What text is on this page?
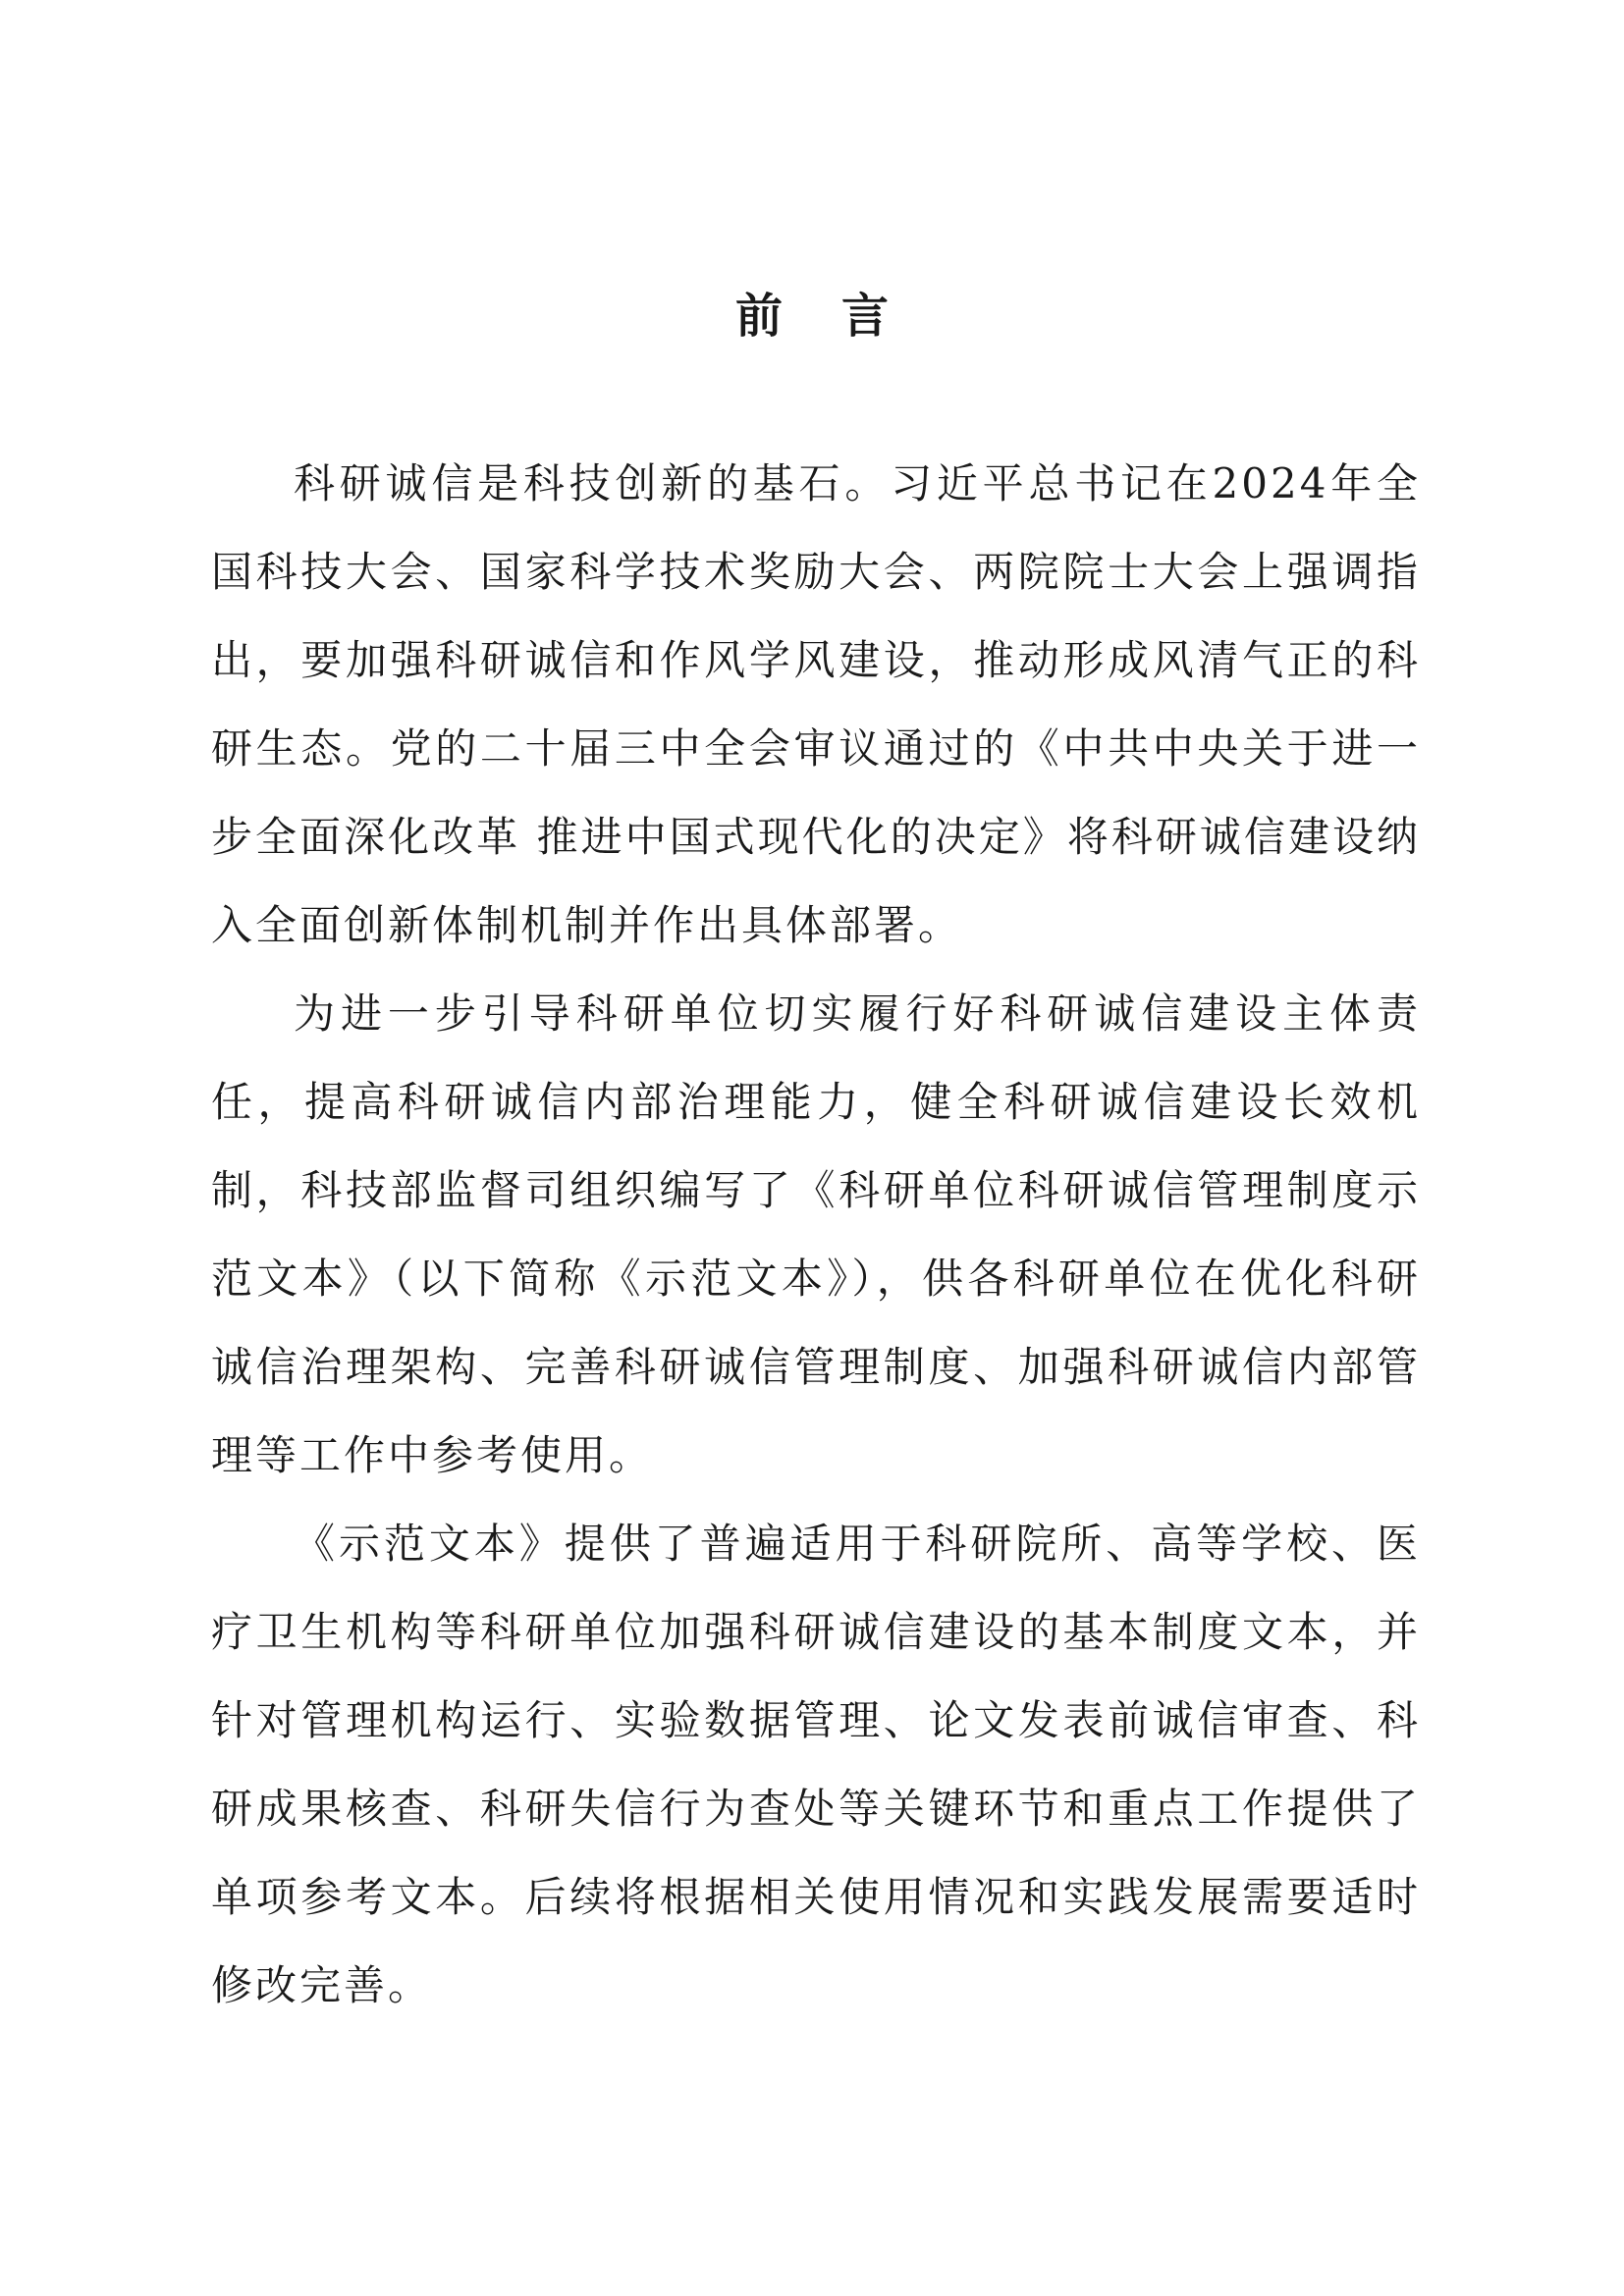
前 言

科研诚信是科技创新的基石。习近平总书记在2024年全国科技大会、国家科学技术奖励大会、两院院士大会上强调指出，要加强科研诚信和作风学风建设，推动形成风清气正的科研生态。党的二十届三中全会审议通过的《中共中央关于进一步全面深化改革 推进中国式现代化的决定》将科研诚信建设纳入全面创新体制机制并作出具体部署。

为进一步引导科研单位切实履行好科研诚信建设主体责任，提高科研诚信内部治理能力，健全科研诚信建设长效机制，科技部监督司组织编写了《科研单位科研诚信管理制度示范文本》（以下简称《示范文本》），供各科研单位在优化科研诚信治理架构、完善科研诚信管理制度、加强科研诚信内部管理等工作中参考使用。

《示范文本》提供了普遍适用于科研院所、高等学校、医疗卫生机构等科研单位加强科研诚信建设的基本制度文本，并针对管理机构运行、实验数据管理、论文发表前诚信审查、科研成果核查、科研失信行为查处等关键环节和重点工作提供了单项参考文本。后续将根据相关使用情况和实践发展需要适时修改完善。
